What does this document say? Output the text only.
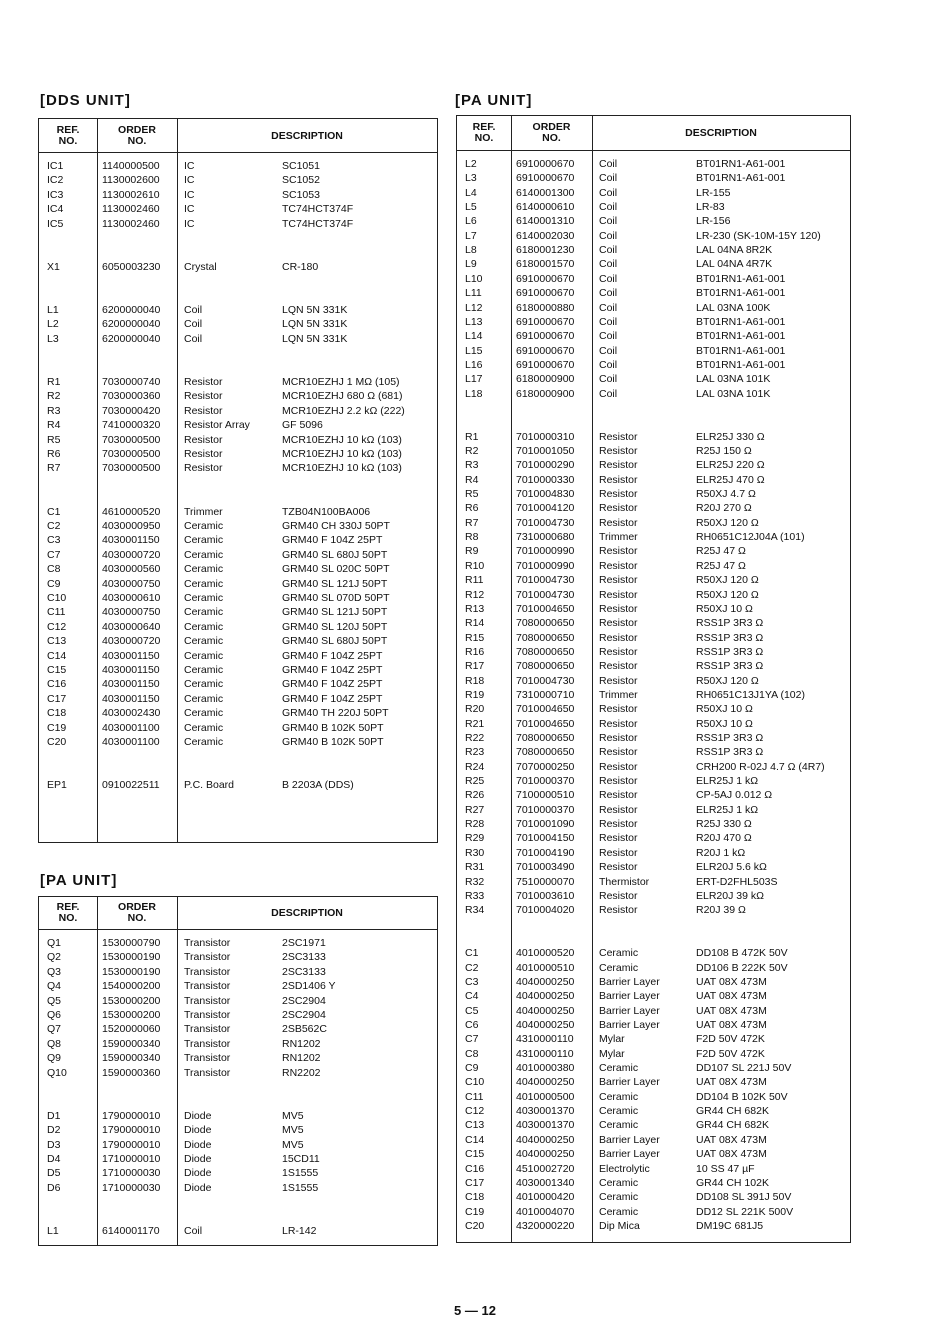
[DDS UNIT]
REF.
NO.
ORDER
NO.	DESCRIPTION
IC1	1140000500 IC	SC1051
IC2	1130002600 IC	SC1052
IC3	1130002610 IC	SC1053
IC4	1130002460 IC	TC74HCT374F
IC5	1130002460 IC	TC74HCT374F
X1	6050003230 Crystal	CR-180
L1	6200000040 Coil	LQN 5N 331K
L2	6200000040 Coil	LQN 5N 331K
L3	6200000040 Coil	LQN 5N 331K
R1	7030000740 Resistor	MCR10EZHJ 1 MΩ (105)
R2	7030000360 Resistor	MCR10EZHJ 680 Ω (681)
R3	7030000420 Resistor	MCR10EZHJ 2.2 kΩ (222)
R4	7410000320 Resistor Array	GF 5096
R5	7030000500 Resistor	MCR10EZHJ 10 kΩ (103)
R6	7030000500 Resistor	MCR10EZHJ 10 kΩ (103)
R7	7030000500 Resistor	MCR10EZHJ 10 kΩ (103)
C1	4610000520 Trimmer	TZB04N100BA006
C2	4030000950 Ceramic	GRM40 CH 330J 50PT
C3	4030001150 Ceramic	GRM40 F 104Z 25PT
C7	4030000720 Ceramic	GRM40 SL 680J 50PT
C8	4030000560 Ceramic	GRM40 SL 020C 50PT
C9	4030000750 Ceramic	GRM40 SL 121J 50PT
C10	4030000610 Ceramic	GRM40 SL 070D 50PT
C11	4030000750 Ceramic	GRM40 SL 121J 50PT
C12	4030000640 Ceramic	GRM40 SL 120J 50PT
C13	4030000720 Ceramic	GRM40 SL 680J 50PT
C14	4030001150 Ceramic	GRM40 F 104Z 25PT
C15	4030001150 Ceramic	GRM40 F 104Z 25PT
C16	4030001150 Ceramic	GRM40 F 104Z 25PT
C17	4030001150 Ceramic	GRM40 F 104Z 25PT
C18	4030002430 Ceramic	GRM40 TH 220J 50PT
C19	4030001100 Ceramic	GRM40 B 102K 50PT
C20	4030001100 Ceramic	GRM40 B 102K 50PT
EP1	0910022511 P.C. Board	B 2203A (DDS)
[PA UNIT]
REF.
NO.
ORDER
NO.	DESCRIPTION
Q1	1530000790 Transistor	2SC1971
Q2	1530000190 Transistor	2SC3133
Q3	1530000190 Transistor	2SC3133
Q4	1540000200 Transistor	2SD1406 Y
Q5	1530000200 Transistor	2SC2904
Q6	1530000200 Transistor	2SC2904
Q7	1520000060 Transistor	2SB562C
Q8	1590000340 Transistor	RN1202
Q9	1590000340 Transistor	RN1202
Q10	1590000360 Transistor	RN2202
D1	1790000010 Diode	MV5
D2	1790000010 Diode	MV5
D3	1790000010 Diode	MV5
D4	1710000010 Diode	15CD11
D5	1710000030 Diode	1S1555
D6	1710000030 Diode	1S1555
L1	6140001170 Coil	LR-142
[PA UNIT]
REF.
NO.
ORDER
NO.	DESCRIPTION
L2	6910000670 Coil	BT01RN1-A61-001
L3	6910000670 Coil	BT01RN1-A61-001
L4	6140001300 Coil	LR-155
L5	6140000610 Coil	LR-83
L6	6140001310 Coil	LR-156
L7	6140002030 Coil	LR-230 (SK-10M-15Y 120)
L8	6180001230 Coil	LAL 04NA 8R2K
L9	6180001570 Coil	LAL 04NA 4R7K
L10	6910000670 Coil	BT01RN1-A61-001
L11	6910000670 Coil	BT01RN1-A61-001
L12	6180000880 Coil	LAL 03NA 100K
L13	6910000670 Coil	BT01RN1-A61-001
L14	6910000670 Coil	BT01RN1-A61-001
L15	6910000670 Coil	BT01RN1-A61-001
L16	6910000670 Coil	BT01RN1-A61-001
L17	6180000900 Coil	LAL 03NA 101K
L18	6180000900 Coil	LAL 03NA 101K
R1	7010000310 Resistor	ELR25J 330 Ω
R2	7010001050 Resistor	R25J 150 Ω
R3	7010000290 Resistor	ELR25J 220 Ω
R4	7010000330 Resistor	ELR25J 470 Ω
R5	7010004830 Resistor	R50XJ 4.7 Ω
R6	7010004120 Resistor	R20J 270 Ω
R7	7010004730 Resistor	R50XJ 120 Ω
R8	7310000680 Trimmer	RH0651C12J04A (101)
R9	7010000990 Resistor	R25J 47 Ω
R10	7010000990 Resistor	R25J 47 Ω
R11	7010004730 Resistor	R50XJ 120 Ω
R12	7010004730 Resistor	R50XJ 120 Ω
R13	7010004650 Resistor	R50XJ 10 Ω
R14	7080000650 Resistor	RSS1P 3R3 Ω
R15	7080000650 Resistor	RSS1P 3R3 Ω
R16	7080000650 Resistor	RSS1P 3R3 Ω
R17	7080000650 Resistor	RSS1P 3R3 Ω
R18	7010004730 Resistor	R50XJ 120 Ω
R19	7310000710 Trimmer	RH0651C13J1YA (102)
R20	7010004650 Resistor	R50XJ 10 Ω
R21	7010004650 Resistor	R50XJ 10 Ω
R22	7080000650 Resistor	RSS1P 3R3 Ω
R23	7080000650 Resistor	RSS1P 3R3 Ω
R24	7070000250 Resistor	CRH200 R-02J 4.7 Ω (4R7)
R25	7010000370 Resistor	ELR25J 1 kΩ
R26	7100000510 Resistor	CP-5AJ 0.012 Ω
R27	7010000370 Resistor	ELR25J 1 kΩ
R28	7010001090 Resistor	R25J 330 Ω
R29	7010004150 Resistor	R20J 470 Ω
R30	7010004190 Resistor	R20J 1 kΩ
R31	7010003490 Resistor	ELR20J 5.6 kΩ
R32	7510000070 Thermistor	ERT-D2FHL503S
R33	7010003610 Resistor	ELR20J 39 kΩ
R34	7010004020 Resistor	R20J 39 Ω
C1	4010000520 Ceramic	DD108 B 472K 50V
C2	4010000510 Ceramic	DD106 B 222K 50V
C3	4040000250 Barrier Layer	UAT 08X 473M
C4	4040000250 Barrier Layer	UAT 08X 473M
C5	4040000250 Barrier Layer	UAT 08X 473M
C6	4040000250 Barrier Layer	UAT 08X 473M
C7	4310000110 Mylar	F2D 50V 472K
C8	4310000110 Mylar	F2D 50V 472K
C9	4010000380 Ceramic	DD107 SL 221J 50V
C10	4040000250 Barrier Layer	UAT 08X 473M
C11	4010000500 Ceramic	DD104 B 102K 50V
C12	4030001370 Ceramic	GR44 CH 682K
C13	4030001370 Ceramic	GR44 CH 682K
C14	4040000250 Barrier Layer	UAT 08X 473M
C15	4040000250 Barrier Layer	UAT 08X 473M
C16	4510002720 Electrolytic	10 SS 47 µF
C17	4030001340 Ceramic	GR44 CH 102K
C18	4010000420 Ceramic	DD108 SL 391J 50V
C19	4010004070 Ceramic	DD12 SL 221K 500V
C20	4320000220 Dip Mica	DM19C 681J5
5 — 12
